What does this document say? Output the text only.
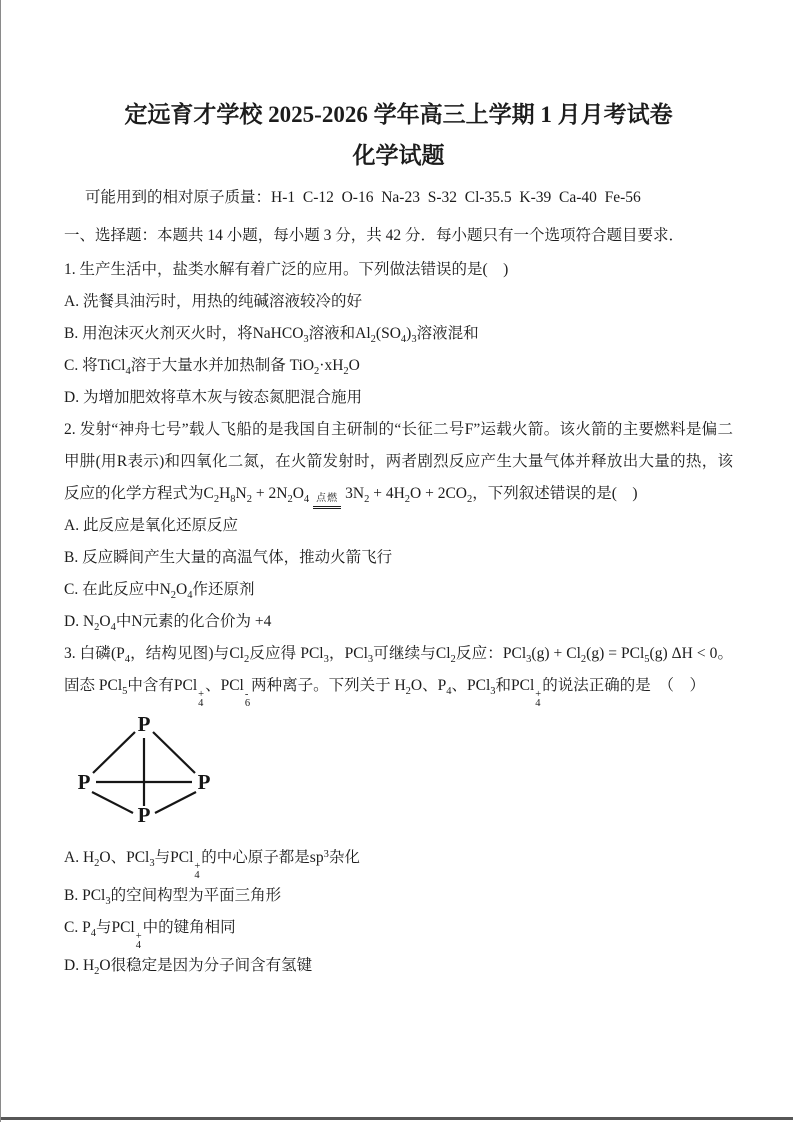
定远育才学校 2025-2026 学年高三上学期 1 月月考试卷
化学试题

可能用到的相对原子质量：H-1  C-12  O-16  Na-23  S-32  Cl-35.5  K-39  Ca-40  Fe-56

一、选择题：本题共 14 小题，每小题 3 分，共 42 分．每小题只有一个选项符合题目要求．

1. 生产生活中，盐类水解有着广泛的应用。下列做法错误的是(　)

A. 洗餐具油污时，用热的纯碱溶液较冷的好

B. 用泡沫灭火剂灭火时，将NaHCO$_3$溶液和$Al_2(SO_4)_3$溶液混和

C. 将TiCl$_4$溶于大量水并加热制备 $TiO_2\cdot xH_2O$

D. 为增加肥效将草木灰与铵态氮肥混合施用

2. 发射“神舟七号”载人飞船的是我国自主研制的“长征二号F”运载火箭。该火箭的主要燃料是偏二甲肼(用R表示)和四氧化二氮，在火箭发射时，两者剧烈反应产生大量气体并释放出大量的热，该反应的化学方程式为$C_2H_8N_2 + 2N_2O_4$ 点燃 $3N_2 + 4H_2O + 2CO_2$，下列叙述错误的是(　)

A. 此反应是氧化还原反应

B. 反应瞬间产生大量的高温气体，推动火箭飞行

C. 在此反应中$N_2O_4$作还原剂

D. $N_2O_4$中N元素的化合价为 +4

3. 白磷($P_4$，结构见图)与$Cl_2$反应得 PCl$_3$，PCl$_3$可继续与$Cl_2$反应：$PCl_3(g) + Cl_2(g) = PCl_5(g) \Delta H < 0$。固态 PCl$_5$中含有PCl
+
4
、PCl
-
6
两种离子。下列关于 $H_2O$、$P_4$、PCl$_3$和PCl
+
4
的说法正确的是　（　）

P
P	P
P

A. $H_2O$、PCl$_3$与PCl
+
4
的中心原子都是$sp^3$杂化

B. PCl$_3$的空间构型为平面三角形

C. $P_4$与PCl
+
4
中的键角相同

D. $H_2O$很稳定是因为分子间含有氢键
